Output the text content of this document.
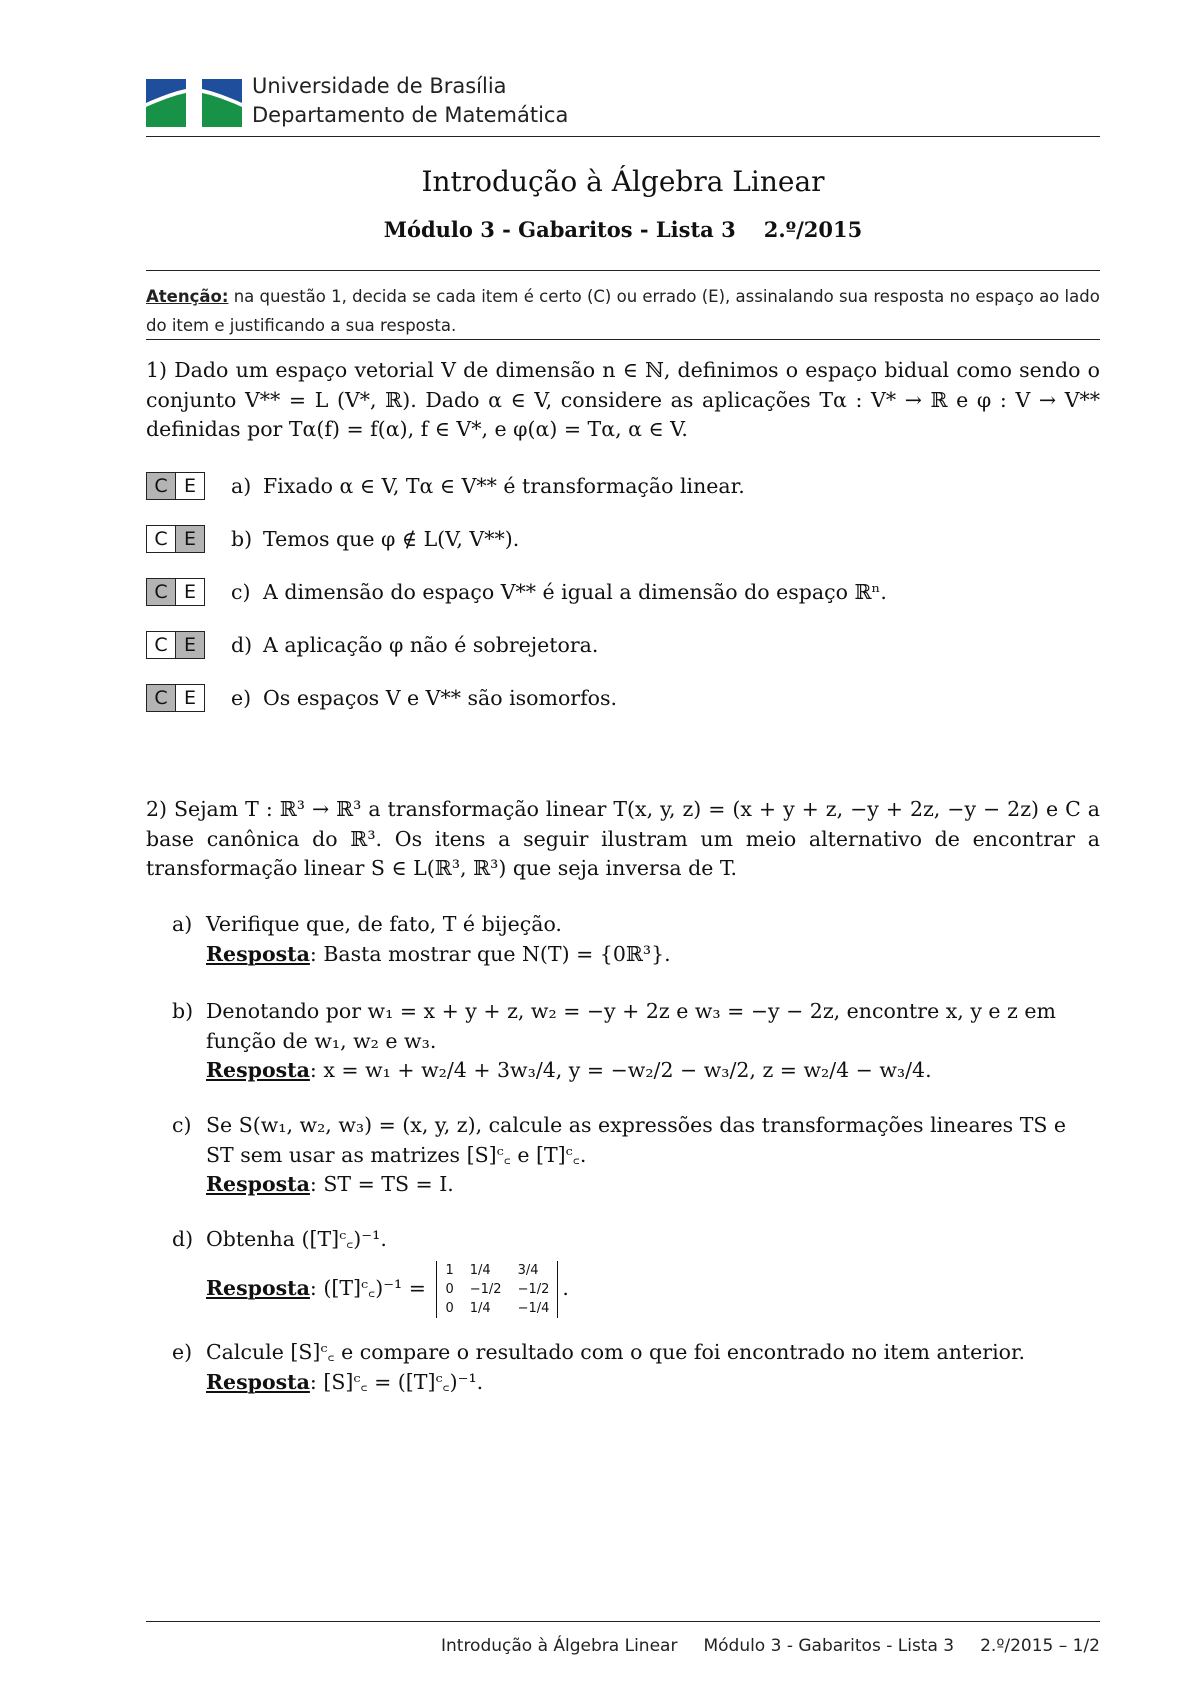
Universidade de Brasília
Departamento de Matemática
Introdução à Álgebra Linear
Módulo 3 - Gabaritos - Lista 3 2.º/2015
Atenção: na questão 1, decida se cada item é certo (C) ou errado (E), assinalando sua resposta no espaço ao lado do item e justificando a sua resposta.
1) Dado um espaço vetorial V de dimensão n ∈ ℕ, definimos o espaço bidual como sendo o conjunto V** = L (V*, ℝ). Dado α ∈ V, considere as aplicações Tα : V* → ℝ e φ : V → V** definidas por Tα(f) = f(α), f ∈ V*, e φ(α) = Tα, α ∈ V.
C E	a) Fixado α ∈ V, Tα ∈ V** é transformação linear.
C E	b) Temos que φ ∉ L(V, V**).
C E	c) A dimensão do espaço V** é igual a dimensão do espaço ℝⁿ.
C E	d) A aplicação φ não é sobrejetora.
C E	e) Os espaços V e V** são isomorfos.
2) Sejam T : ℝ³ → ℝ³ a transformação linear T(x, y, z) = (x + y + z, −y + 2z, −y − 2z) e C a base canônica do ℝ³. Os itens a seguir ilustram um meio alternativo de encontrar a transformação linear S ∈ L(ℝ³, ℝ³) que seja inversa de T.
a) Verifique que, de fato, T é bijeção.
Resposta: Basta mostrar que N(T) = {0ℝ³}.
b) Denotando por w₁ = x + y + z, w₂ = −y + 2z e w₃ = −y − 2z, encontre x, y e z em função de w₁, w₂ e w₃.
Resposta: x = w₁ + w₂/4 + 3w₃/4, y = −w₂/2 − w₃/2, z = w₂/4 − w₃/4.
c) Se S(w₁, w₂, w₃) = (x, y, z), calcule as expressões das transformações lineares TS e ST sem usar as matrizes [S]ᶜ꜀ e [T]ᶜ꜀.
Resposta: ST = TS = I.
d) Obtenha ([T]ᶜ꜀)⁻¹.
Resposta: ([T]ᶜ꜀)⁻¹ =
1	1/4	3/4
0	−1/2	−1/2
0	1/4	−1/4
.
e) Calcule [S]ᶜ꜀ e compare o resultado com o que foi encontrado no item anterior.
Resposta: [S]ᶜ꜀ = ([T]ᶜ꜀)⁻¹.
Introdução à Álgebra Linear Módulo 3 - Gabaritos - Lista 3 2.º/2015 – 1/2
